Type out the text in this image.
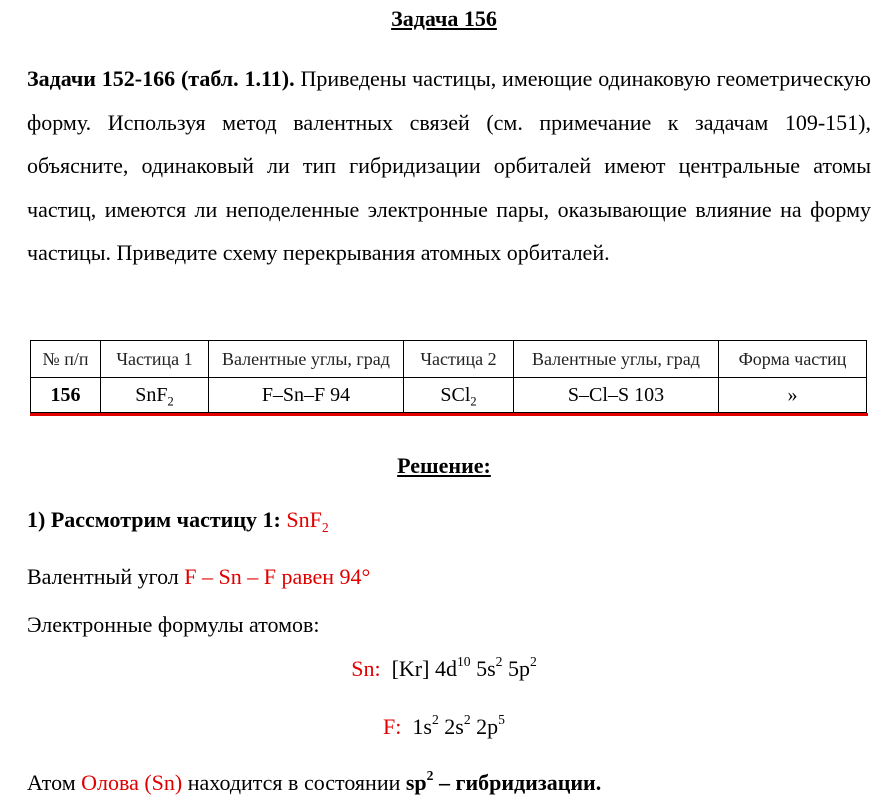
Задача 156
Задачи 152-166 (табл. 1.11). Приведены частицы, имеющие одинаковую геометрическую форму. Используя метод валентных связей (см. примечание к задачам 109-151), объясните, одинаковый ли тип гибридизации орбиталей имеют центральные атомы частиц, имеются ли неподеленные электронные пары, оказывающие влияние на форму частицы. Приведите схему перекрывания атомных орбиталей.
№ п/п	Частица 1	Валентные углы, град	Частица 2	Валентные углы, град	Форма частиц
156	SnF$_2$	F–Sn–F 94	SCl$_2$	S–Cl–S 103	»
Решение:
1) Рассмотрим частицу 1: SnF$_2$
Валентный угол F – Sn – F равен 94°
Электронные формулы атомов:
Sn: [Kr] $4d^{10}$ $5s^2$ $5p^2$
F: $1s^2$ $2s^2$ $2p^5$
Атом Олова (Sn) находится в состоянии $sp^2$ – гибридизации.
